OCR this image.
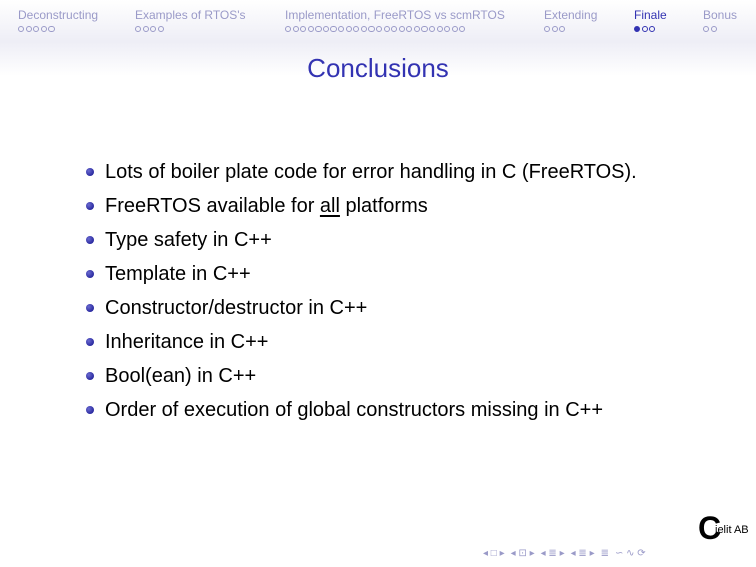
Deconstructing	Examples of RTOS's	Implementation, FreeRTOS vs scmRTOS	Extending	Finale	Bonus
Conclusions
Lots of boiler plate code for error handling in C (FreeRTOS).
FreeRTOS available for all platforms
Type safety in C++
Template in C++
Constructor/destructor in C++
Inheritance in C++
Bool(ean) in C++
Order of execution of global constructors missing in C++
C
ielit AB
◂ □ ▸ ◂ ⊡ ▸ ◂ ≣ ▸ ◂ ≣ ▸ ≣ ∽ ∿ ⟳
